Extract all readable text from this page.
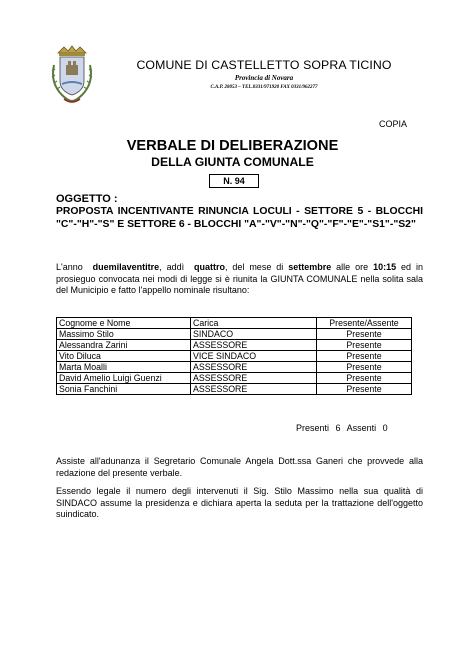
COMUNE DI CASTELLETTO SOPRA TICINO
Provincia di Novara
C.A.P. 28053 – TEL.0331/971920 FAX 0331/962277
COPIA
VERBALE DI DELIBERAZIONE
DELLA GIUNTA COMUNALE
N. 94
OGGETTO :
PROPOSTA INCENTIVANTE RINUNCIA LOCULI - SETTORE 5 - BLOCCHI "C"-"H"-"S" E SETTORE 6 - BLOCCHI "A"-"V"-"N"-"Q"-"F"-"E"-"S1"-"S2"
L'anno duemilaventitre, addì quattro, del mese di settembre alle ore 10:15 ed in prosieguo convocata nei modi di legge si è riunita la GIUNTA COMUNALE nella solita sala del Municipio e fatto l'appello nominale risultano:
Cognome e Nome	Carica	Presente/Assente
Massimo Stilo	SINDACO	Presente
Alessandra Zarini	ASSESSORE	Presente
Vito Diluca	VICE SINDACO	Presente
Marta Moalli	ASSESSORE	Presente
David Amelio Luigi Guenzi	ASSESSORE	Presente
Sonia Fanchini	ASSESSORE	Presente
Presenti 6 Assenti 0
Assiste all'adunanza il Segretario Comunale Angela Dott.ssa Ganeri che provvede alla redazione del presente verbale.
Essendo legale il numero degli intervenuti il Sig. Stilo Massimo nella sua qualità di SINDACO assume la presidenza e dichiara aperta la seduta per la trattazione dell'oggetto suindicato.
